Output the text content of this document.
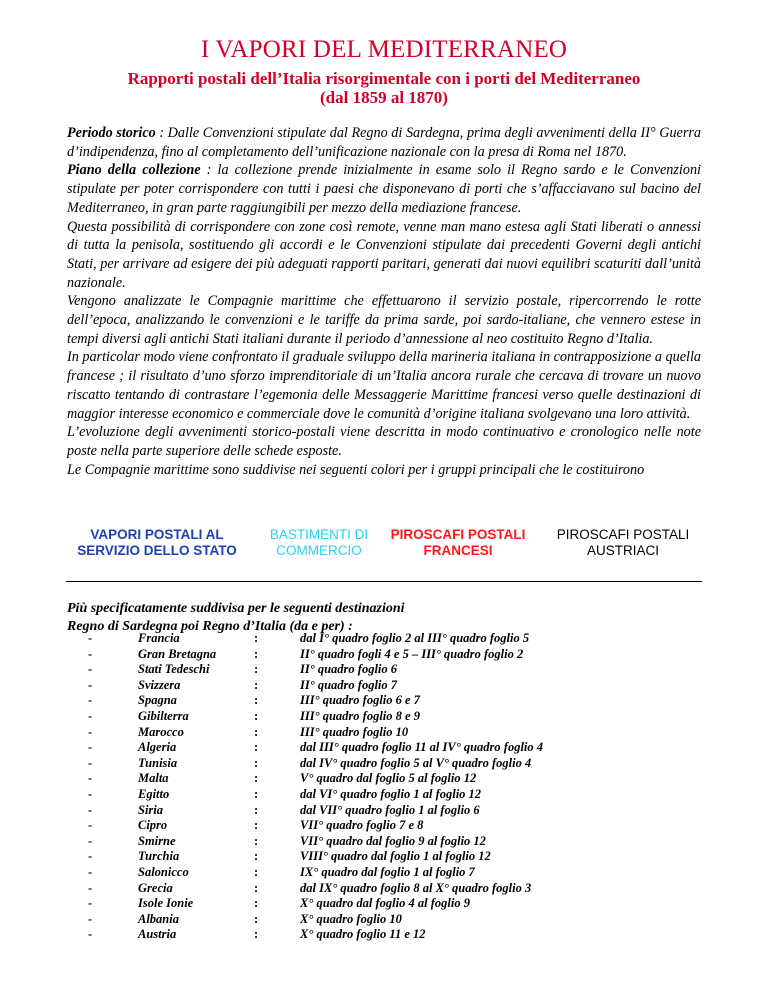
I VAPORI DEL MEDITERRANEO
Rapporti postali dell’Italia risorgimentale con i porti del Mediterraneo
(dal 1859 al 1870)

Periodo storico : Dalle Convenzioni stipulate dal Regno di Sardegna, prima degli avvenimenti della II° Guerra d’indipendenza, fino al completamento dell’unificazione nazionale con la presa di Roma nel 1870.

Piano della collezione : la collezione prende inizialmente in esame solo il Regno sardo e le Convenzioni stipulate per poter corrispondere con tutti i paesi che disponevano di porti che s’affacciavano sul bacino del Mediterraneo, in gran parte raggiungibili per mezzo della mediazione francese.

Questa possibilità di corrispondere con zone così remote, venne man mano estesa agli Stati liberati o annessi di tutta la penisola, sostituendo gli accordi e le Convenzioni stipulate dai precedenti Governi degli antichi Stati, per arrivare ad esigere dei più adeguati rapporti paritari, generati dai nuovi equilibri scaturiti dall’unità nazionale.

Vengono analizzate le Compagnie marittime che effettuarono il servizio postale, ripercorrendo le rotte dell’epoca, analizzando le convenzioni e le tariffe da prima sarde, poi sardo-italiane, che vennero estese in tempi diversi agli antichi Stati italiani durante il periodo d’annessione al neo costituito Regno d’Italia.

In particolar modo viene confrontato il graduale sviluppo della marineria italiana in contrapposizione a quella francese ; il risultato d’uno sforzo imprenditoriale di un’Italia ancora rurale che cercava di trovare un nuovo riscatto tentando di contrastare l’egemonia delle Messaggerie Marittime francesi verso quelle destinazioni di maggior interesse economico e commerciale dove le comunità d’origine italiana svolgevano una loro attività.

L’evoluzione degli avvenimenti storico-postali viene descritta in modo continuativo e cronologico nelle note poste nella parte superiore delle schede esposte.

Le Compagnie marittime sono suddivise nei seguenti colori per i gruppi principali che le costituirono

VAPORI POSTALI AL
SERVIZIO DELLO STATO
BASTIMENTI DI
COMMERCIO
PIROSCAFI POSTALI
FRANCESI
PIROSCAFI POSTALI
AUSTRIACI
Più specificatamente suddivisa per le seguenti destinazioni
Regno di Sardegna poi Regno d’Italia (da e per) :
-	Francia	:	dal I° quadro foglio 2 al III° quadro foglio 5
-	Gran Bretagna	:	II° quadro fogli 4 e 5 – III° quadro foglio 2
-	Stati Tedeschi	:	II° quadro foglio 6
-	Svizzera	:	II° quadro foglio 7
-	Spagna	:	III° quadro foglio 6 e 7
-	Gibilterra	:	III° quadro foglio 8 e 9
-	Marocco	:	III° quadro foglio 10
-	Algeria	:	dal III° quadro foglio 11 al IV° quadro foglio 4
-	Tunisia	:	dal IV° quadro foglio 5 al V° quadro foglio 4
-	Malta	:	V° quadro dal foglio 5 al foglio 12
-	Egitto	:	dal VI° quadro foglio 1 al foglio 12
-	Siria	:	dal VII° quadro foglio 1 al foglio 6
-	Cipro	:	VII° quadro foglio 7 e 8
-	Smirne	:	VII° quadro dal foglio 9 al foglio 12
-	Turchia	:	VIII° quadro dal foglio 1 al foglio 12
-	Salonicco	:	IX° quadro dal foglio 1 al foglio 7
-	Grecia	:	dal IX° quadro foglio 8 al X° quadro foglio 3
-	Isole Ionie	:	X° quadro dal foglio 4 al foglio 9
-	Albania	:	X° quadro foglio 10
-	Austria	:	X° quadro foglio 11 e 12
